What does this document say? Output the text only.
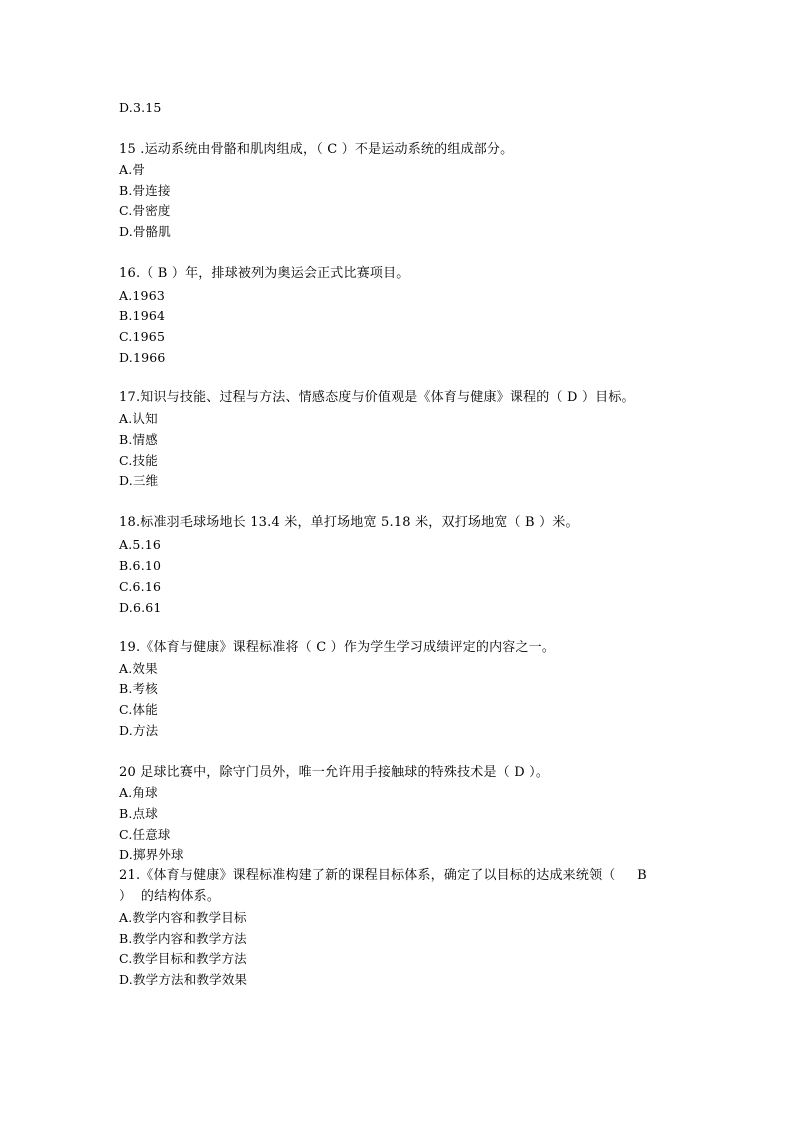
D.3.15
15 .运动系统由骨骼和肌肉组成，（ C ）不是运动系统的组成部分。
A.骨
B.骨连接
C.骨密度
D.骨骼肌
16.（ B ）年，排球被列为奥运会正式比赛项目。
A.1963
B.1964
C.1965
D.1966
17.知识与技能、过程与方法、情感态度与价值观是《体育与健康》课程的（ D ）目标。
A.认知
B.情感
C.技能
D.三维
18.标准羽毛球场地长 13.4 米，单打场地宽 5.18 米，双打场地宽（ B ）米。
A.5.16
B.6.10
C.6.16
D.6.61
19.《体育与健康》课程标准将（ C ）作为学生学习成绩评定的内容之一。
A.效果
B.考核
C.体能
D.方法
20 足球比赛中，除守门员外，唯一允许用手接触球的特殊技术是（ D ）。
A.角球
B.点球
C.任意球
D.掷界外球
21.《体育与健康》课程标准构建了新的课程目标体系，确定了以目标的达成来统领（     B
）  的结构体系。
A.教学内容和教学目标
B.教学内容和教学方法
C.教学目标和教学方法
D.教学方法和教学效果
